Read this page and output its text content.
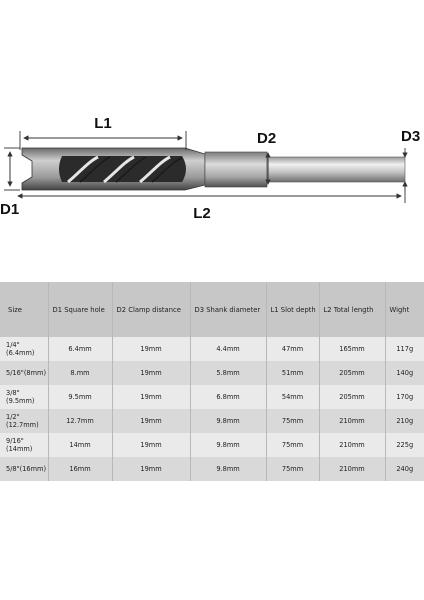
L1
L2
D1
D2	D3
Size	D1 Square hole	D2 Clamp distance	D3 Shank diameter	L1 Slot depth	L2 Total length	Wight
1/4"(6.4mm)	6.4mm	19mm	4.4mm	47mm	165mm	117g
5/16"(8mm)	8.mm	19mm	5.8mm	51mm	205mm	140g
3/8"(9.5mm)	9.5mm	19mm	6.8mm	54mm	205mm	170g
1/2"(12.7mm)	12.7mm	19mm	9.8mm	75mm	210mm	210g
9/16"(14mm)	14mm	19mm	9.8mm	75mm	210mm	225g
5/8"(16mm)	16mm	19mm	9.8mm	75mm	210mm	240g
